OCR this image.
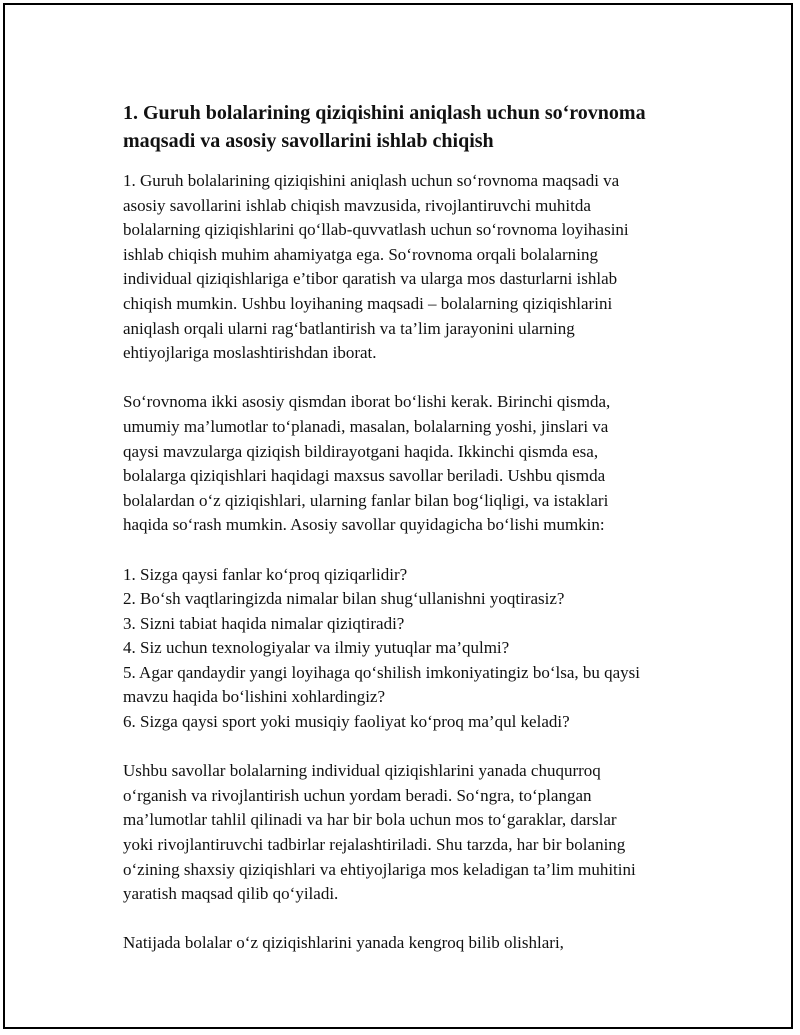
1. Guruh bolalarining qiziqishini aniqlash uchun so‘rovnoma
maqsadi va asosiy savollarini ishlab chiqish

1. Guruh bolalarining qiziqishini aniqlash uchun so‘rovnoma maqsadi va
asosiy savollarini ishlab chiqish mavzusida, rivojlantiruvchi muhitda
bolalarning qiziqishlarini qo‘llab-quvvatlash uchun so‘rovnoma loyihasini
ishlab chiqish muhim ahamiyatga ega. So‘rovnoma orqali bolalarning
individual qiziqishlariga e’tibor qaratish va ularga mos dasturlarni ishlab
chiqish mumkin. Ushbu loyihaning maqsadi – bolalarning qiziqishlarini
aniqlash orqali ularni rag‘batlantirish va ta’lim jarayonini ularning
ehtiyojlariga moslashtirishdan iborat.

So‘rovnoma ikki asosiy qismdan iborat bo‘lishi kerak. Birinchi qismda,
umumiy ma’lumotlar to‘planadi, masalan, bolalarning yoshi, jinslari va
qaysi mavzularga qiziqish bildirayotgani haqida. Ikkinchi qismda esa,
bolalarga qiziqishlari haqidagi maxsus savollar beriladi. Ushbu qismda
bolalardan o‘z qiziqishlari, ularning fanlar bilan bog‘liqligi, va istaklari
haqida so‘rash mumkin. Asosiy savollar quyidagicha bo‘lishi mumkin:

1. Sizga qaysi fanlar ko‘proq qiziqarlidir?
2. Bo‘sh vaqtlaringizda nimalar bilan shug‘ullanishni yoqtirasiz?
3. Sizni tabiat haqida nimalar qiziqtiradi?
4. Siz uchun texnologiyalar va ilmiy yutuqlar ma’qulmi?
5. Agar qandaydir yangi loyihaga qo‘shilish imkoniyatingiz bo‘lsa, bu qaysi
mavzu haqida bo‘lishini xohlardingiz?
6. Sizga qaysi sport yoki musiqiy faoliyat ko‘proq ma’qul keladi?

Ushbu savollar bolalarning individual qiziqishlarini yanada chuqurroq
o‘rganish va rivojlantirish uchun yordam beradi. So‘ngra, to‘plangan
ma’lumotlar tahlil qilinadi va har bir bola uchun mos to‘garaklar, darslar
yoki rivojlantiruvchi tadbirlar rejalashtiriladi. Shu tarzda, har bir bolaning
o‘zining shaxsiy qiziqishlari va ehtiyojlariga mos keladigan ta’lim muhitini
yaratish maqsad qilib qo‘yiladi.

Natijada bolalar o‘z qiziqishlarini yanada kengroq bilib olishlari,
